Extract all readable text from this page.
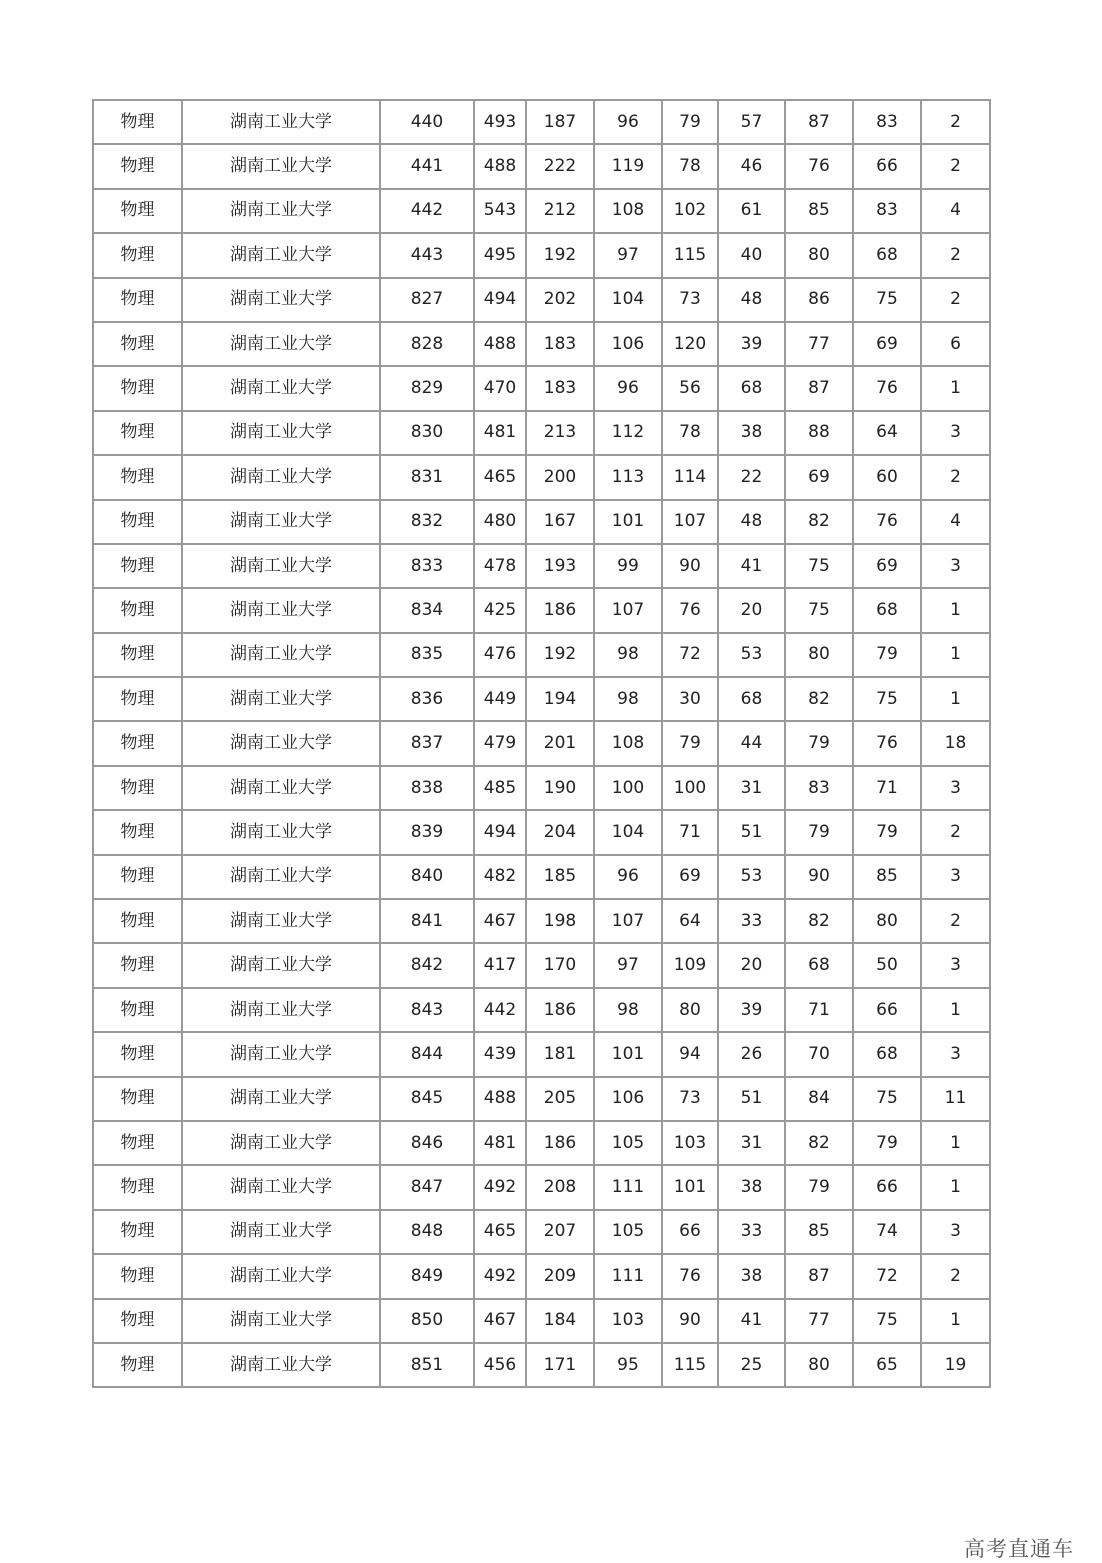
物理	湖南工业大学	440	493	187	96	79	57	87	83	2
物理	湖南工业大学	441	488	222	119	78	46	76	66	2
物理	湖南工业大学	442	543	212	108	102	61	85	83	4
物理	湖南工业大学	443	495	192	97	115	40	80	68	2
物理	湖南工业大学	827	494	202	104	73	48	86	75	2
物理	湖南工业大学	828	488	183	106	120	39	77	69	6
物理	湖南工业大学	829	470	183	96	56	68	87	76	1
物理	湖南工业大学	830	481	213	112	78	38	88	64	3
物理	湖南工业大学	831	465	200	113	114	22	69	60	2
物理	湖南工业大学	832	480	167	101	107	48	82	76	4
物理	湖南工业大学	833	478	193	99	90	41	75	69	3
物理	湖南工业大学	834	425	186	107	76	20	75	68	1
物理	湖南工业大学	835	476	192	98	72	53	80	79	1
物理	湖南工业大学	836	449	194	98	30	68	82	75	1
物理	湖南工业大学	837	479	201	108	79	44	79	76	18
物理	湖南工业大学	838	485	190	100	100	31	83	71	3
物理	湖南工业大学	839	494	204	104	71	51	79	79	2
物理	湖南工业大学	840	482	185	96	69	53	90	85	3
物理	湖南工业大学	841	467	198	107	64	33	82	80	2
物理	湖南工业大学	842	417	170	97	109	20	68	50	3
物理	湖南工业大学	843	442	186	98	80	39	71	66	1
物理	湖南工业大学	844	439	181	101	94	26	70	68	3
物理	湖南工业大学	845	488	205	106	73	51	84	75	11
物理	湖南工业大学	846	481	186	105	103	31	82	79	1
物理	湖南工业大学	847	492	208	111	101	38	79	66	1
物理	湖南工业大学	848	465	207	105	66	33	85	74	3
物理	湖南工业大学	849	492	209	111	76	38	87	72	2
物理	湖南工业大学	850	467	184	103	90	41	77	75	1
物理	湖南工业大学	851	456	171	95	115	25	80	65	19
高考直通车
